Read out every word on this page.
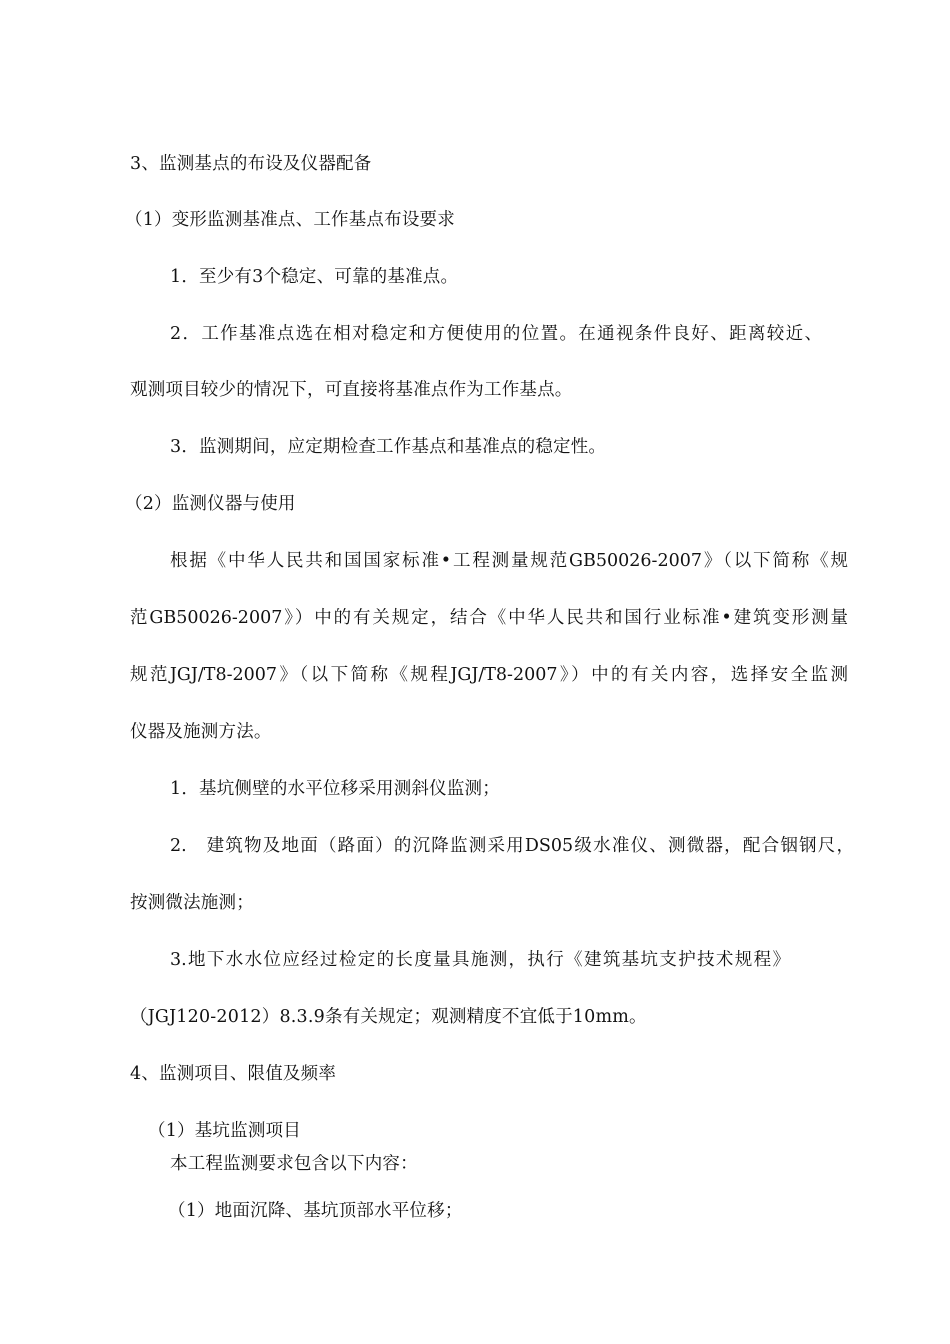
3、监测基点的布设及仪器配备

（1）变形监测基准点、工作基点布设要求

1．至少有3个稳定、可靠的基准点。

2．工作基准点选在相对稳定和方便使用的位置。在通视条件良好、距离较近、

观测项目较少的情况下，可直接将基准点作为工作基点。

3．监测期间，应定期检查工作基点和基准点的稳定性。

（2）监测仪器与使用

根据《中华人民共和国国家标准•工程测量规范GB50026-2007》（以下简称《规

范GB50026-2007》）中的有关规定，结合《中华人民共和国行业标准•建筑变形测量

规范JGJ/T8-2007》（以下简称《规程JGJ/T8-2007》）中的有关内容，选择安全监测

仪器及施测方法。

1．基坑侧壁的水平位移采用测斜仪监测；

2.　建筑物及地面（路面）的沉降监测采用DS05级水准仪、测微器，配合铟钢尺，

按测微法施测；

3.地下水水位应经过检定的长度量具施测，执行《建筑基坑支护技术规程》

（JGJ120-2012）8.3.9条有关规定；观测精度不宜低于10mm。

4、监测项目、限值及频率

（1）基坑监测项目

本工程监测要求包含以下内容：

（1）地面沉降、基坑顶部水平位移；
